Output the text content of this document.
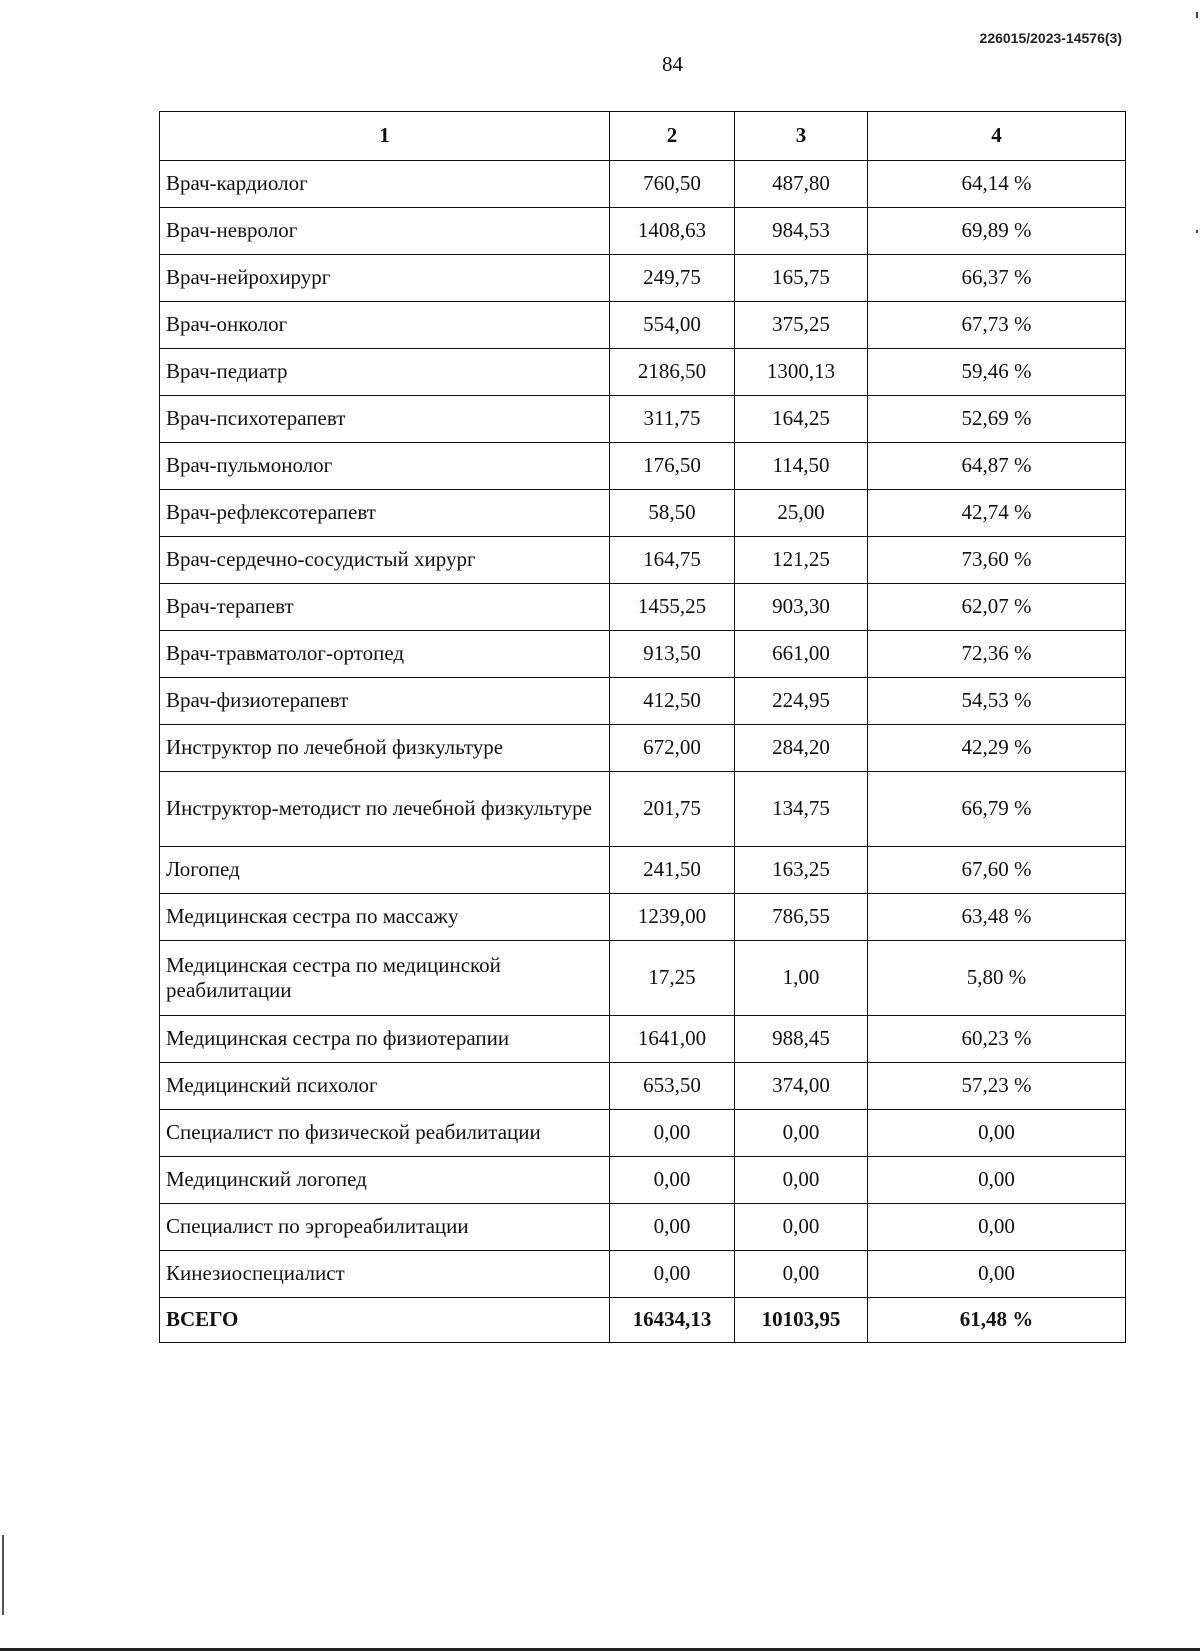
226015/2023-14576(3)
84
1	2	3	4
Врач-кардиолог	760,50	487,80	64,14 %
Врач-невролог	1408,63	984,53	69,89 %
Врач-нейрохирург	249,75	165,75	66,37 %
Врач-онколог	554,00	375,25	67,73 %
Врач-педиатр	2186,50	1300,13	59,46 %
Врач-психотерапевт	311,75	164,25	52,69 %
Врач-пульмонолог	176,50	114,50	64,87 %
Врач-рефлексотерапевт	58,50	25,00	42,74 %
Врач-сердечно-сосудистый хирург	164,75	121,25	73,60 %
Врач-терапевт	1455,25	903,30	62,07 %
Врач-травматолог-ортопед	913,50	661,00	72,36 %
Врач-физиотерапевт	412,50	224,95	54,53 %
Инструктор по лечебной физкультуре	672,00	284,20	42,29 %
Инструктор-методист по лечебной физкультуре	201,75	134,75	66,79 %
Логопед	241,50	163,25	67,60 %
Медицинская сестра по массажу	1239,00	786,55	63,48 %
Медицинская сестра по медицинской реабилитации	17,25	1,00	5,80 %
Медицинская сестра по физиотерапии	1641,00	988,45	60,23 %
Медицинский психолог	653,50	374,00	57,23 %
Специалист по физической реабилитации	0,00	0,00	0,00
Медицинский логопед	0,00	0,00	0,00
Специалист по эргореабилитации	0,00	0,00	0,00
Кинезиоспециалист	0,00	0,00	0,00
ВСЕГО	16434,13	10103,95	61,48 %
